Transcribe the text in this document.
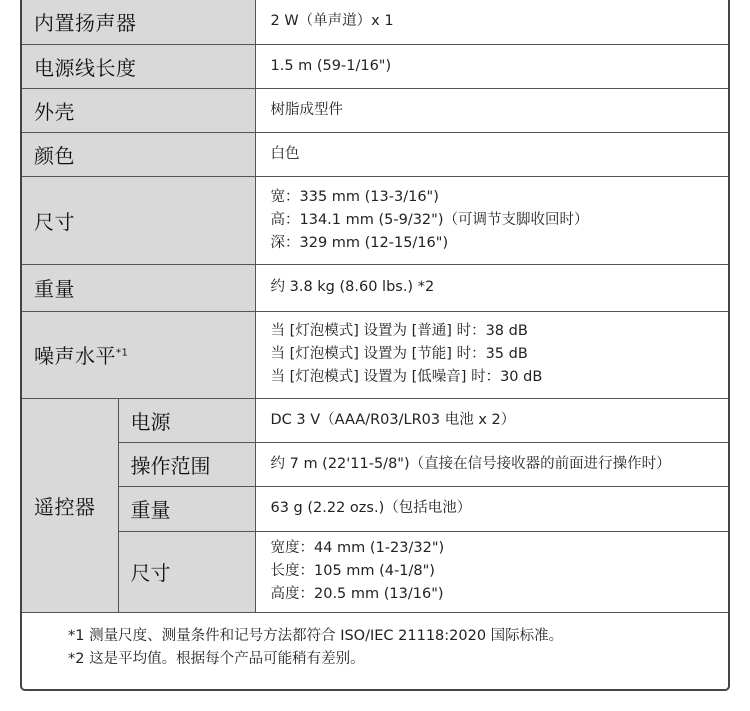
内置扬声器		2 W（单声道）x 1
电源线长度		1.5 m (59-1/16")
外壳		树脂成型件
颜色		白色
尺寸		宽：335 mm (13-3/16")
高：134.1 mm (5-9/32")（可调节支脚收回时）
深：329 mm (12-15/16")

重量		约 3.8 kg (8.60 lbs.) *2
噪声水平$^{*1}$		当 [灯泡模式] 设置为 [普通] 时：38 dB
当 [灯泡模式] 设置为 [节能] 时：35 dB
当 [灯泡模式] 设置为 [低噪音] 时：30 dB

遥控器	电源	DC 3 V（AAA/R03/LR03 电池 x 2）
	操作范围	约 7 m (22'11-5/8")（直接在信号接收器的前面进行操作时）
	重量	63 g (2.22 ozs.)（包括电池）
	尺寸	宽度：44 mm (1-23/32")
长度：105 mm (4-1/8")
高度：20.5 mm (13/16")
*1 测量尺度、测量条件和记号方法都符合 ISO/IEC 21118:2020 国际标准。
*2 这是平均值。根据每个产品可能稍有差别。
